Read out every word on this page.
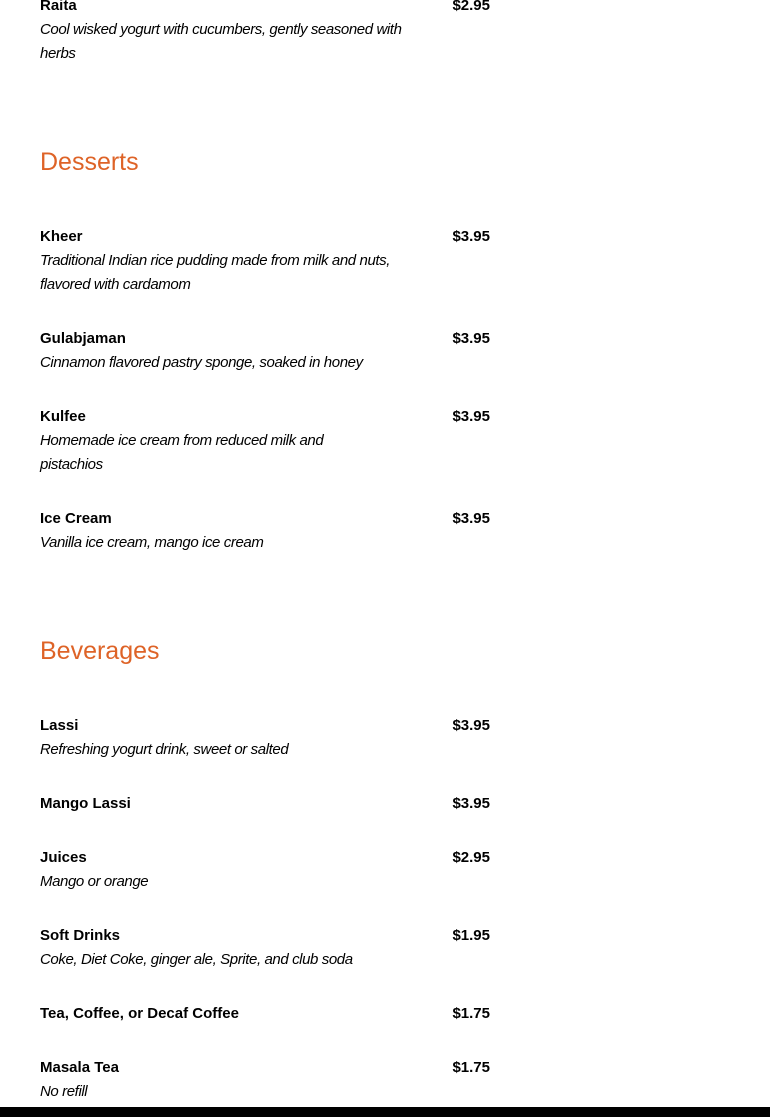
Raita	$2.95
Cool wisked yogurt with cucumbers, gently seasoned with herbs
Desserts
Kheer	$3.95
Traditional Indian rice pudding made from milk and nuts, flavored with cardamom
Gulabjaman	$3.95
Cinnamon flavored pastry sponge, soaked in honey
Kulfee	$3.95
Homemade ice cream from reduced milk and pistachios
Ice Cream	$3.95
Vanilla ice cream, mango ice cream
Beverages
Lassi	$3.95
Refreshing yogurt drink, sweet or salted
Mango Lassi	$3.95
Juices	$2.95
Mango or orange
Soft Drinks	$1.95
Coke, Diet Coke, ginger ale, Sprite, and club soda
Tea, Coffee, or Decaf Coffee	$1.75
Masala Tea	$1.75
No refill
